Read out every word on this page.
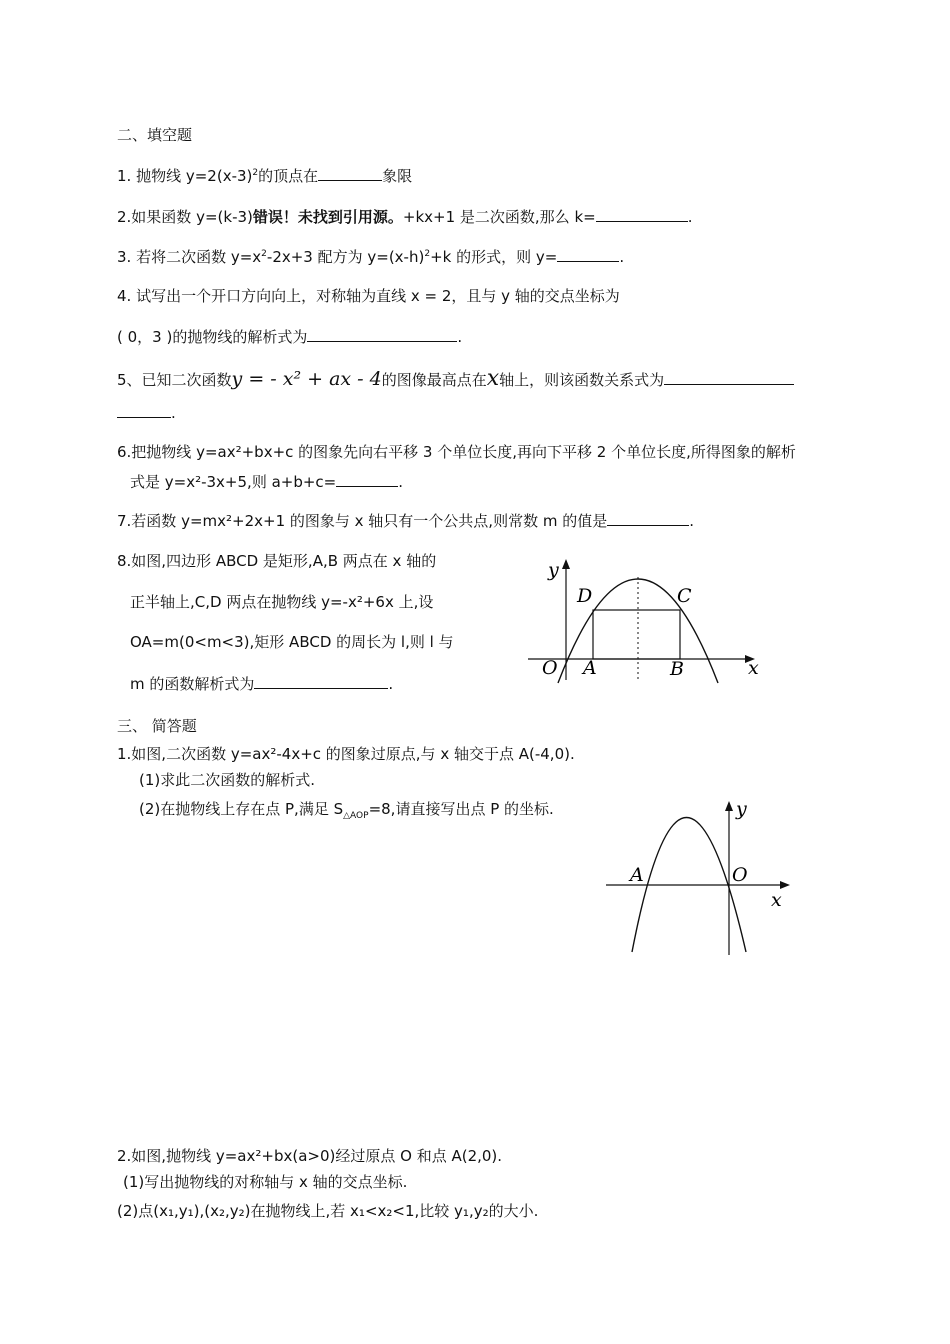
二、填空题
1. 抛物线 $y=2(x-3)^2$的顶点在	象限
2.如果函数 y=(k-3)错误！未找到引用源。+kx+1 是二次函数,那么 k=	.
3. 若将二次函数 $y=x^2-2x+3$ 配方为 $y=(x-h)^2+k$ 的形式，则 y=	.
4. 试写出一个开口方向向上，对称轴为直线 x = 2，且与 y 轴的交点坐标为
( 0，3 )的抛物线的解析式为	.
5、已知二次函数y = - x² + ax - 4的图像最高点在x轴上，则该函数关系式为
.
6.把抛物线 y=ax²+bx+c 的图象先向右平移 3 个单位长度,再向下平移 2 个单位长度,所得图象的解析
式是 y=x²-3x+5,则 a+b+c=	.
7.若函数 y=mx²+2x+1 的图象与 x 轴只有一个公共点,则常数 m 的值是	.
8.如图,四边形 ABCD 是矩形,A,B 两点在 x 轴的
正半轴上,C,D 两点在抛物线 y=-x²+6x 上,设
OA=m(0<m<3),矩形 ABCD 的周长为 l,则 l 与
m 的函数解析式为	.
y
x
O A	B
C
D
三、 简答题
1.如图,二次函数 y=ax²-4x+c 的图象过原点,与 x 轴交于点 A(-4,0).
(1)求此二次函数的解析式.
(2)在抛物线上存在点 P,满足 $S_{\triangle AOP}=8$,请直接写出点 P 的坐标.	y
x
O
A
2.如图,抛物线 y=ax²+bx(a>0)经过原点 O 和点 A(2,0).
(1)写出抛物线的对称轴与 x 轴的交点坐标.
(2)点(x₁,y₁),(x₂,y₂)在抛物线上,若 x₁<x₂<1,比较 y₁,y₂的大小.
